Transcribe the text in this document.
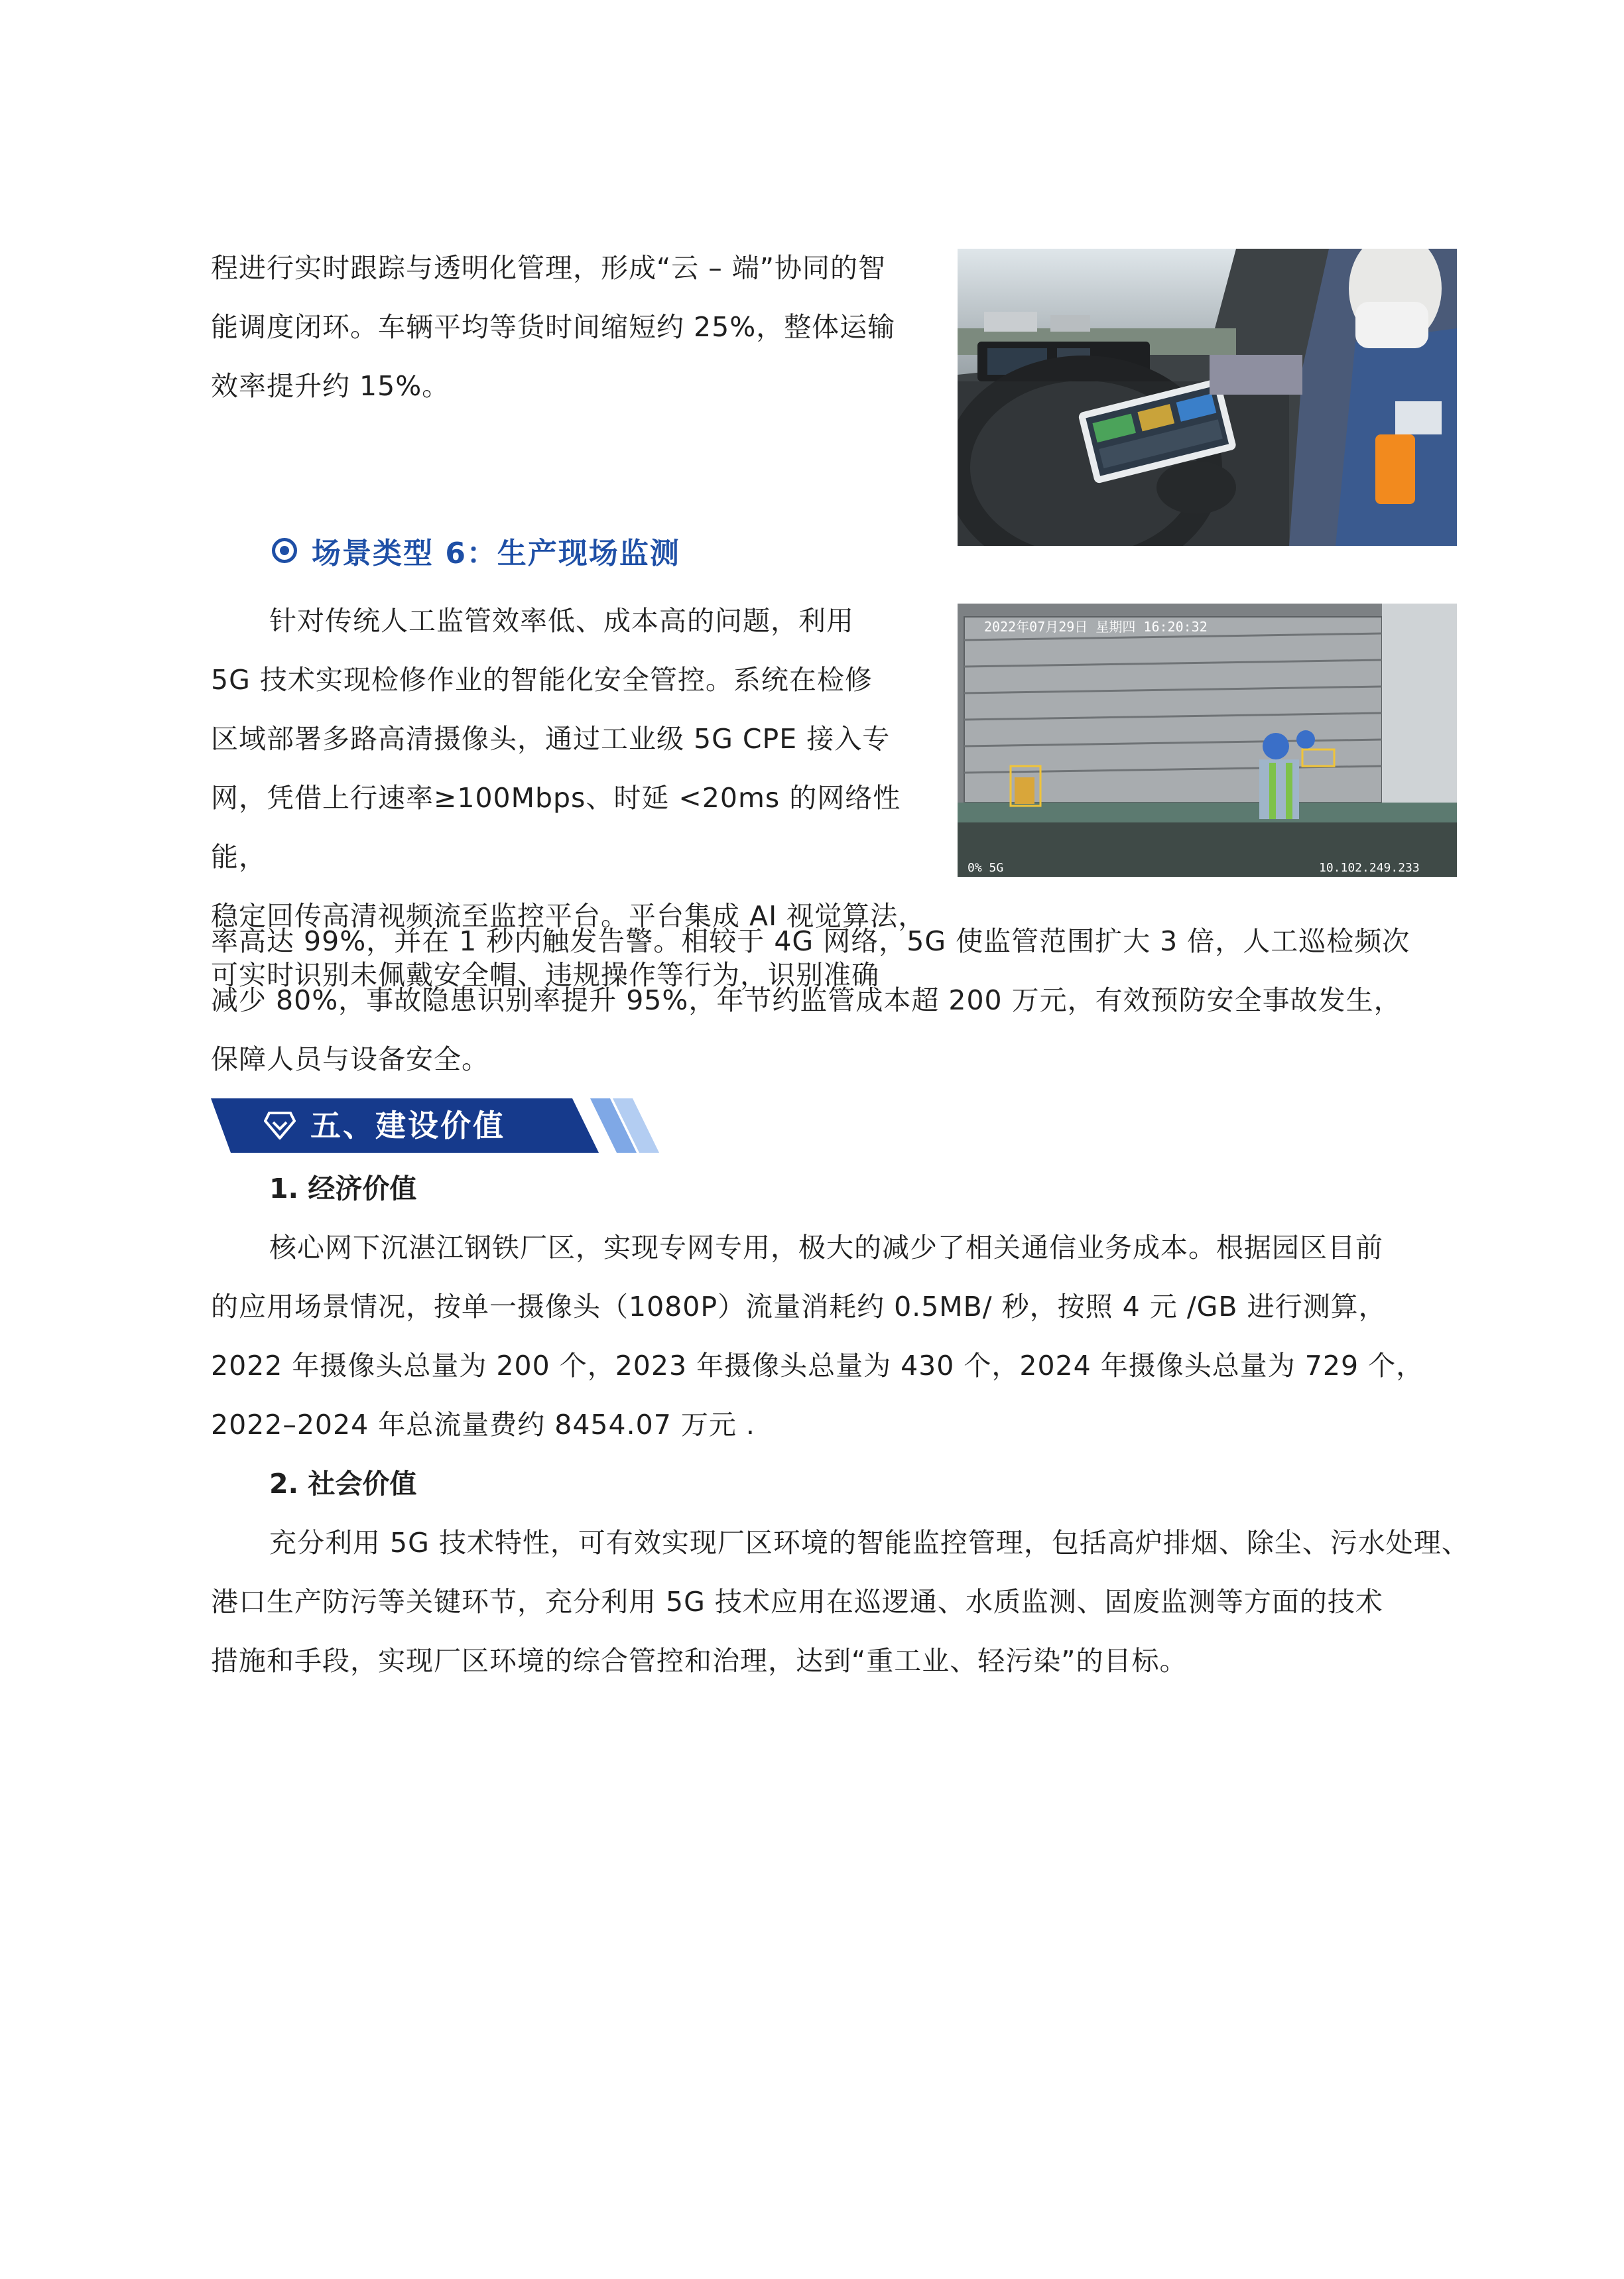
程进行实时跟踪与透明化管理，形成“云 – 端”协同的智

能调度闭环。车辆平均等货时间缩短约 25%，整体运输

效率提升约 15%。

场景类型 6：生产现场监测

针对传统人工监管效率低、成本高的问题，利用

5G 技术实现检修作业的智能化安全管控。系统在检修

区域部署多路高清摄像头，通过工业级 5G CPE 接入专

网，凭借上行速率≥100Mbps、时延 <20ms 的网络性能，

稳定回传高清视频流至监控平台。平台集成 AI 视觉算法，

可实时识别未佩戴安全帽、违规操作等行为，识别准确

2022年07月29日 星期四 16:20:32
0% 5G	10.102.249.233

率高达 99%，并在 1 秒内触发告警。相较于 4G 网络，5G 使监管范围扩大 3 倍，人工巡检频次

减少 80%，事故隐患识别率提升 95%，年节约监管成本超 200 万元，有效预防安全事故发生，

保障人员与设备安全。

五、建设价值

1. 经济价值

核心网下沉湛江钢铁厂区，实现专网专用，极大的减少了相关通信业务成本。根据园区目前

的应用场景情况，按单一摄像头（1080P）流量消耗约 0.5MB/ 秒，按照 4 元 /GB 进行测算，

2022 年摄像头总量为 200 个，2023 年摄像头总量为 430 个，2024 年摄像头总量为 729 个，

2022–2024 年总流量费约 8454.07 万元 .

2. 社会价值

充分利用 5G 技术特性，可有效实现厂区环境的智能监控管理，包括高炉排烟、除尘、污水处理、

港口生产防污等关键环节，充分利用 5G 技术应用在巡逻通、水质监测、固废监测等方面的技术

措施和手段，实现厂区环境的综合管控和治理，达到“重工业、轻污染”的目标。
